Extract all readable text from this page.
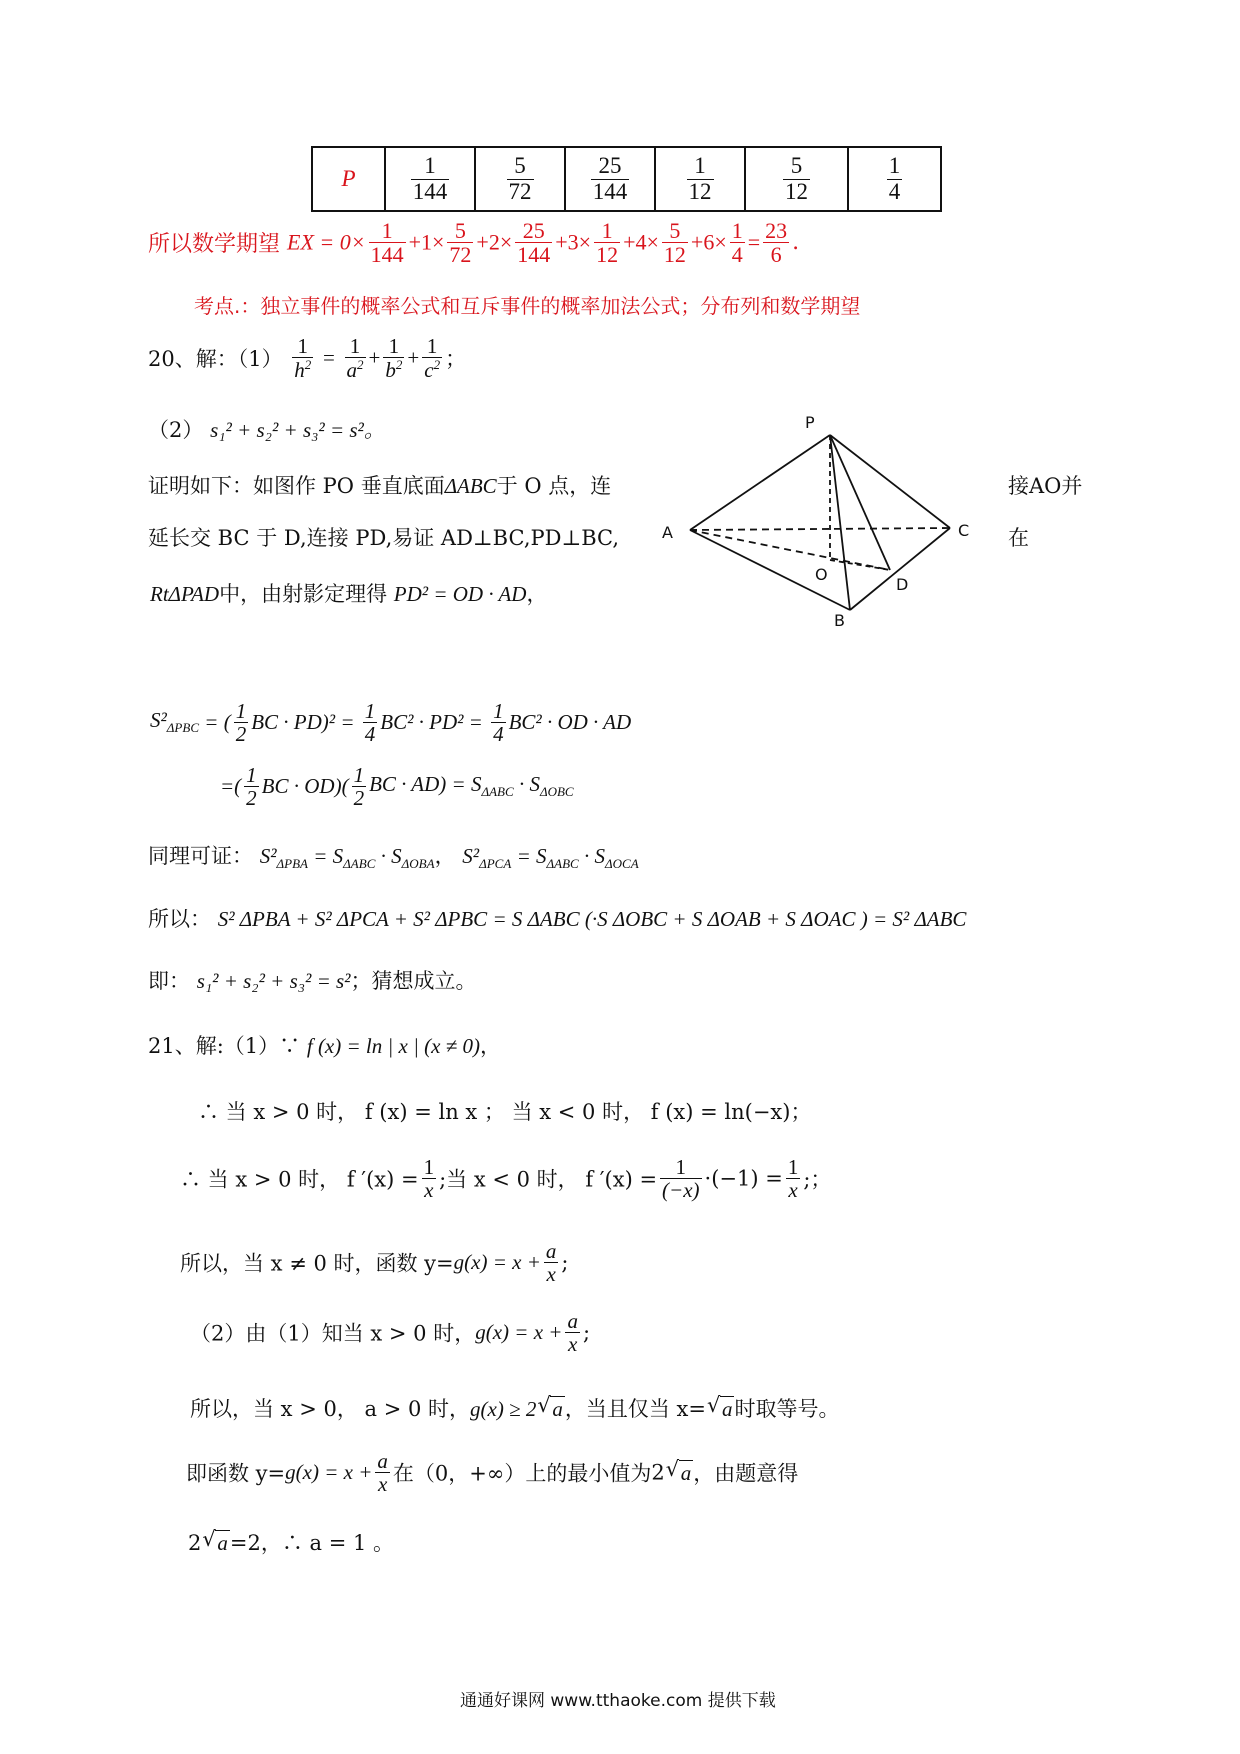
P	$\frac{1}{144}$	$\frac{5}{72}$	$\frac{25}{144}$	$\frac{1}{12}$	$\frac{5}{12}$	$\frac{1}{4}$
所以数学期望 EX = $0\times \frac{1}{144} +1\times \frac{5}{72} +2\times \frac{25}{144} +3\times \frac{1}{12} +4\times \frac{5}{12} +6\times \frac{1}{4} = \frac{23}{6}$ .
考点.：独立事件的概率公式和互斥事件的概率加法公式；分布列和数学期望
20、解：$(1) \frac{1}{h^2} = \frac{1}{a^2} + \frac{1}{b^2} + \frac{1}{c^2}$ ；
（2） s₁² + s₂² + s₃² = s²。
证明如下：如图作 PO 垂直底面ΔABC于 O 点，连	接AO并
延长交 BC 于 D,连接 PD,易证 AD⊥BC,PD⊥BC,	在
RtΔPAD中，由射影定理得 PD² = OD · AD，
P
A	C
O
D
B
$S^2_{\Delta PBC}$ = ( $\frac{1}{2}$ BC · $PD)^2 = \frac{1}{4} BC^2 \cdot PD^2 = \frac{1}{4} BC^2$ · OD · AD
=( $\frac{1}{2}$ BC · $OD)( \frac{1}{2}$ BC · $AD) = S_{\Delta ABC} \cdot S_{\Delta OBC}$
同理可证： $S^2_{\Delta PBA} = S_{\Delta ABC} \cdot S_{\Delta OBA}$， $S^2_{\Delta PCA} = S_{\Delta ABC} \cdot S_{\Delta OCA}$
所以： S² ΔPBA + S² ΔPCA + S² ΔPBC = S ΔABC (·S ΔOBC + S ΔOAB + S ΔOAC ) = S² ΔABC
即： s₁² + s₂² + s₃² = s²；猜想成立。
21、解:（1）∵ f (x) = ln | x | (x ≠ 0)，
∴ 当 x > 0 时， f (x) = ln x ； 当 x < 0 时， f (x) = ln(−x)；
∴ 当 x > 0 时， f $'(x) = \frac{1}{x}$ ;当 x < 0 时， f $'(x) = \frac{1}{(-x)} \cdot(-1) = \frac{1}{x}$ ;；
所以，当 x ≠ 0 时，函数 $y=g(x) = x + \frac{a}{x}$ ;
（2）由（1）知当 x > 0 时，$g(x) = x + \frac{a}{x}$ ;
所以，当 x > 0， a > 0 时，g(x) ≥ 2 √ a，当且仅当 x= √ a时取等号。
即函数 $y=g(x) = x + \frac{a}{x}$ 在（0，+∞）上的最小值为2 √ a，由题意得
2 √ a=2，∴ a = 1 。
通通好课网 www.tthaoke.com 提供下载
